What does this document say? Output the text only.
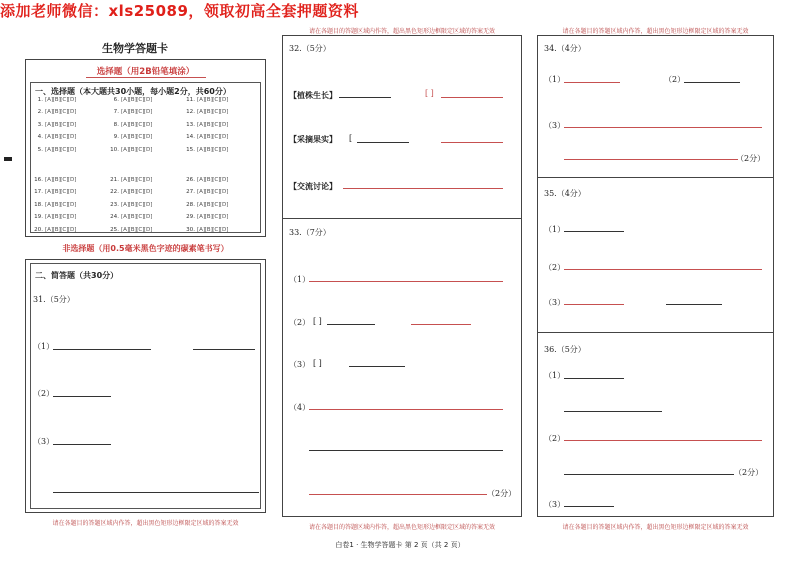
添加老师微信：xls25089，领取初高全套押题资料
生物学答题卡
选择题（用2B铅笔填涂）
一、选择题（本大题共30小题，每小题2分，共60分）
1. [A][B][C][D]
2. [A][B][C][D]
3. [A][B][C][D]
4. [A][B][C][D]
5. [A][B][C][D]
6. [A][B][C][D]
7. [A][B][C][D]
8. [A][B][C][D]
9. [A][B][C][D]
10. [A][B][C][D]
11. [A][B][C][D]
12. [A][B][C][D]
13. [A][B][C][D]
14. [A][B][C][D]
15. [A][B][C][D]
16. [A][B][C][D]
17. [A][B][C][D]
18. [A][B][C][D]
19. [A][B][C][D]
20. [A][B][C][D]
21. [A][B][C][D]
22. [A][B][C][D]
23. [A][B][C][D]
24. [A][B][C][D]
25. [A][B][C][D]
26. [A][B][C][D]
27. [A][B][C][D]
28. [A][B][C][D]
29. [A][B][C][D]
30. [A][B][C][D]
非选择题（用0.5毫米黑色字迹的碳素笔书写）
二、简答题（共30分）
31.（5分）
（1）
（2）
（3）
请在各题目的答题区域内作答，超出黑色矩形边框限定区域的答案无效
请在各题目的答题区域内作答，超出黑色矩形边框限定区域的答案无效
32.（5分）
【植株生长】	[ ]
【采摘果实】 [
【交流讨论】
33.（7分）
（1）
（2） [ ]
（3） [ ]
（4）
（2分）
请在各题目的答题区域内作答，超出黑色矩形边框限定区域的答案无效
请在各题目的答题区域内作答，超出黑色矩形边框限定区域的答案无效
34.（4分）
（1）	（2）
（3）
（2分）
35.（4分）
（1）
（2）
（3）
36.（5分）
（1）
（2）
（2分）
（3）
请在各题目的答题区域内作答，超出黑色矩形边框限定区域的答案无效
白卷1 · 生物学答题卡 第 2 页（共 2 页）
